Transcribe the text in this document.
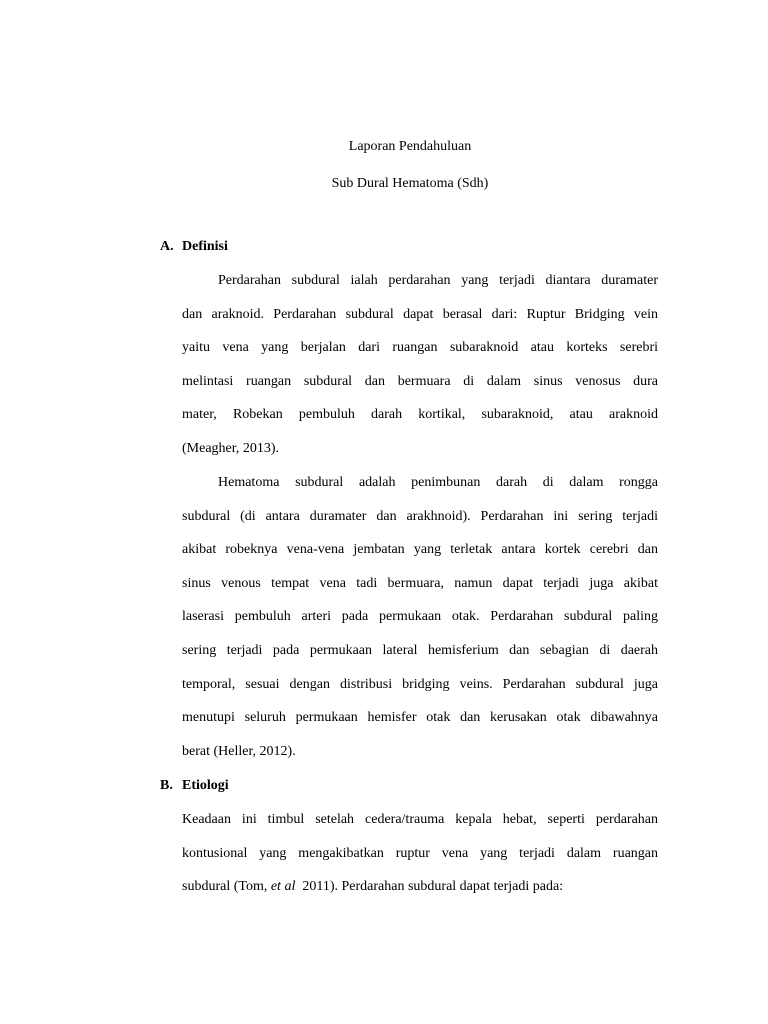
Laporan Pendahuluan
Sub Dural Hematoma (Sdh)
A. Definisi
Perdarahan subdural ialah perdarahan yang terjadi diantara duramater
dan araknoid. Perdarahan subdural dapat berasal dari: Ruptur Bridging vein
yaitu vena yang berjalan dari ruangan subaraknoid atau korteks serebri
melintasi ruangan subdural dan bermuara di dalam sinus venosus dura
mater, Robekan pembuluh darah kortikal, subaraknoid, atau araknoid
(Meagher, 2013).
Hematoma subdural adalah penimbunan darah di dalam rongga
subdural (di antara duramater dan arakhnoid). Perdarahan ini sering terjadi
akibat robeknya vena-vena jembatan yang terletak antara kortek cerebri dan
sinus venous tempat vena tadi bermuara, namun dapat terjadi juga akibat
laserasi pembuluh arteri pada permukaan otak. Perdarahan subdural paling
sering terjadi pada permukaan lateral hemisferium dan sebagian di daerah
temporal, sesuai dengan distribusi bridging veins. Perdarahan subdural juga
menutupi seluruh permukaan hemisfer otak dan kerusakan otak dibawahnya
berat (Heller, 2012).
B. Etiologi
Keadaan ini timbul setelah cedera/trauma kepala hebat, seperti perdarahan
kontusional yang mengakibatkan ruptur vena yang terjadi dalam ruangan
subdural (Tom, et al  2011). Perdarahan subdural dapat terjadi pada:
